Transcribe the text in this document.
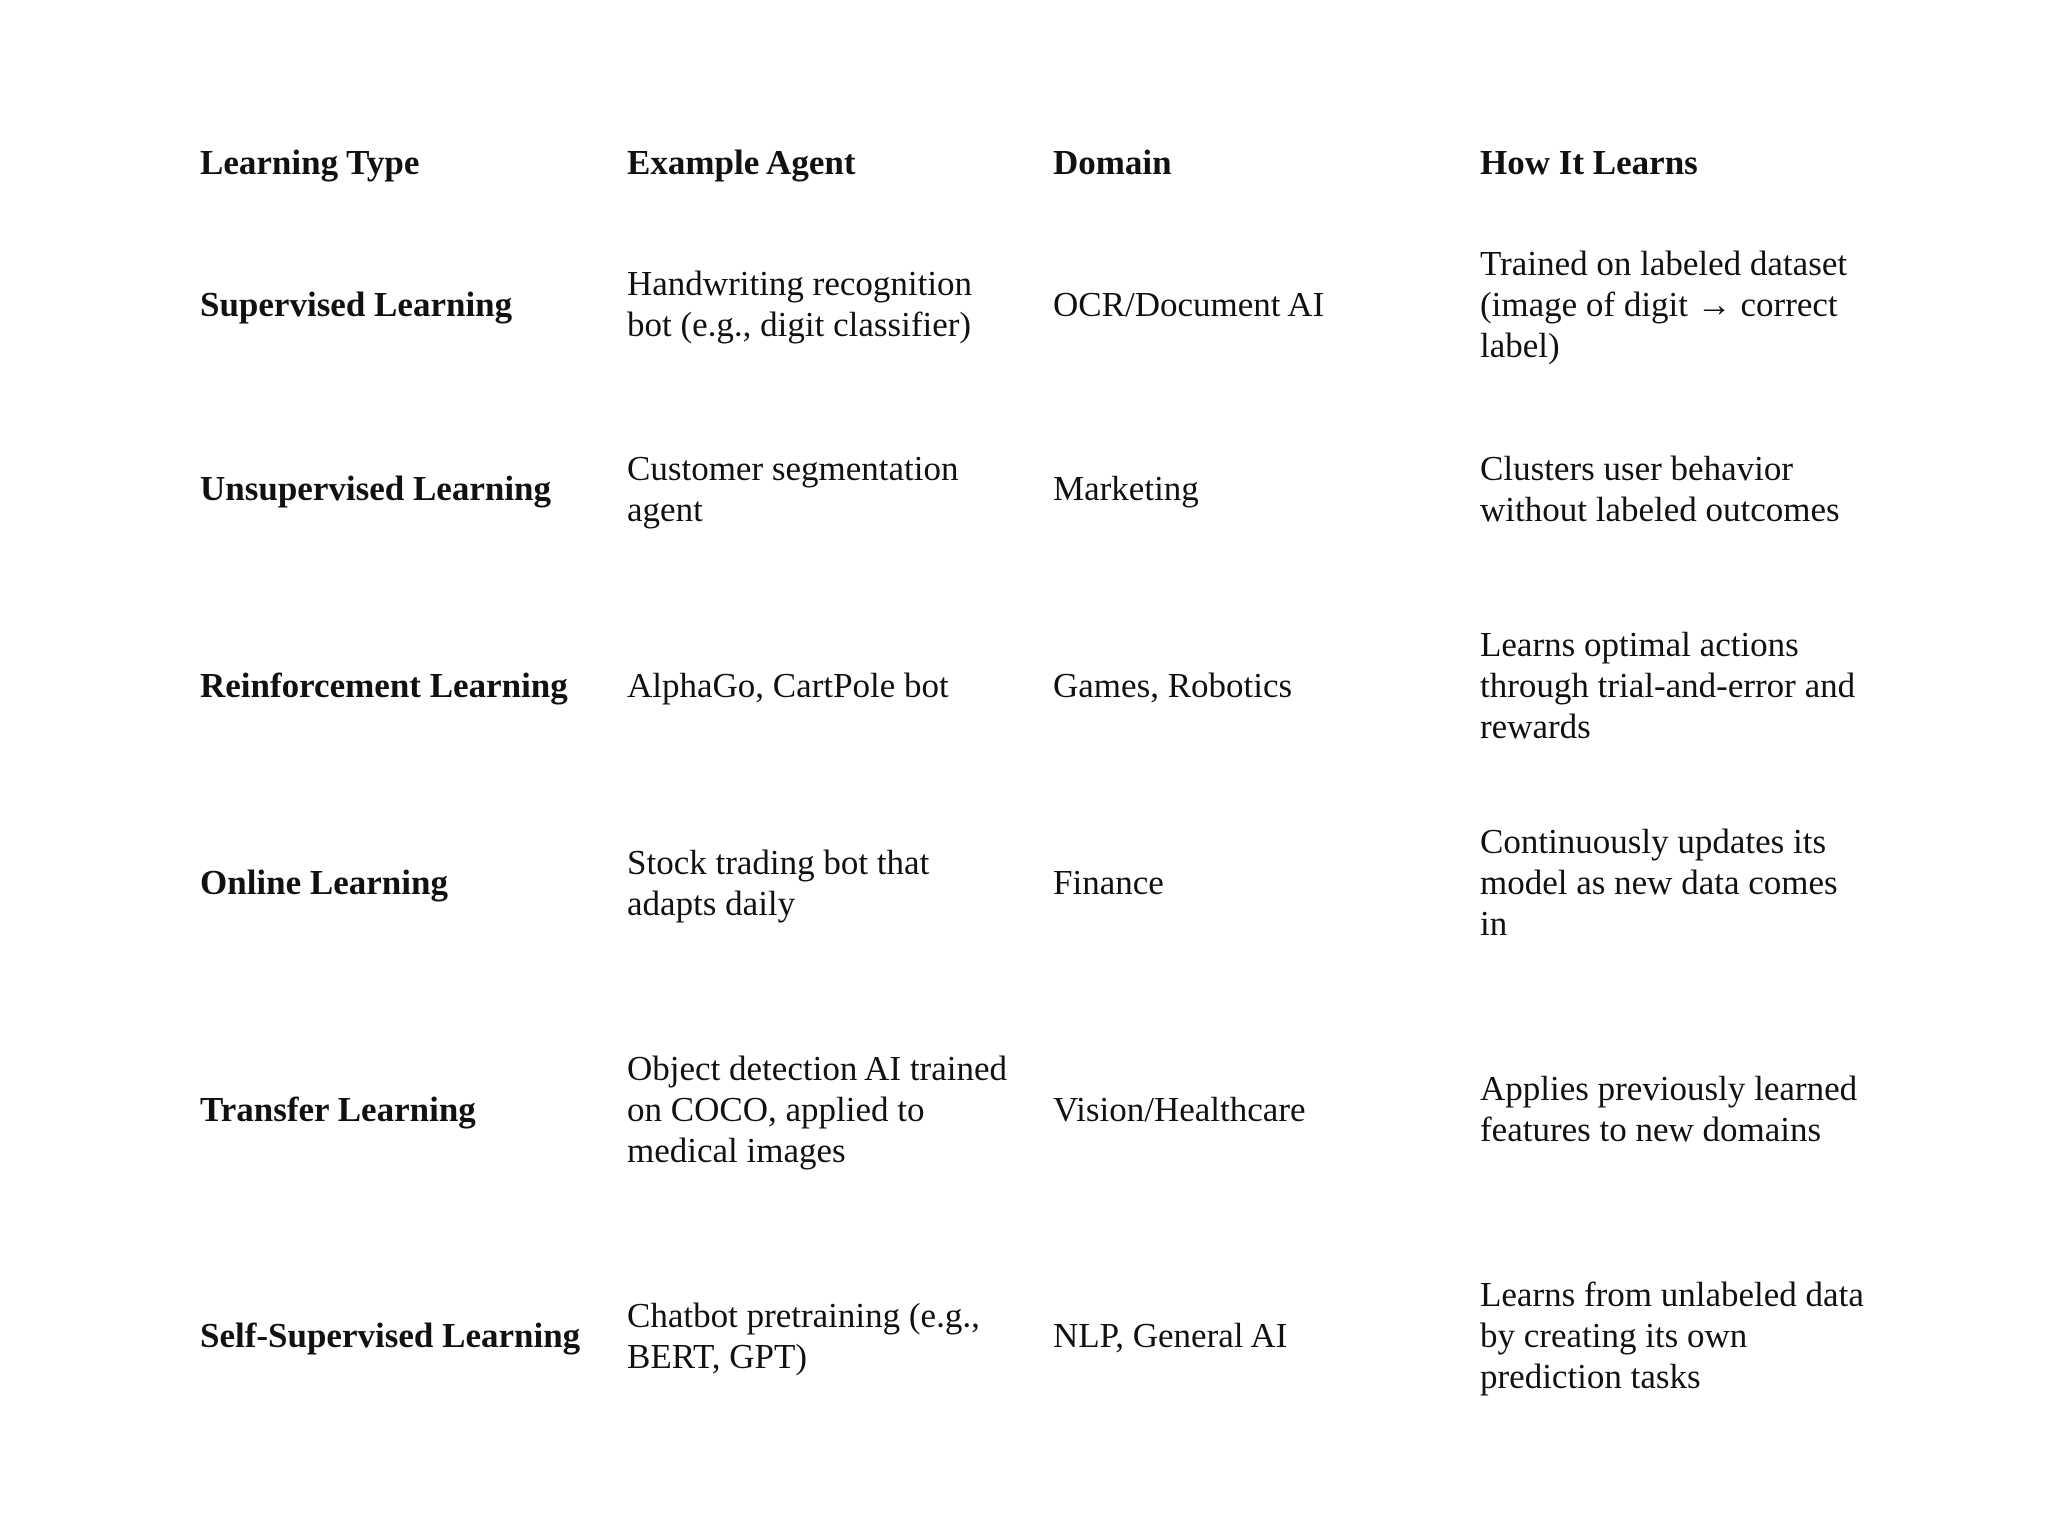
Learning Type	Example Agent	Domain	How It Learns
Supervised Learning	Handwriting recognition bot (e.g., digit classifier)	OCR/Document AI	Trained on labeled dataset (image of digit → correct label)
Unsupervised Learning	Customer segmentation agent	Marketing	Clusters user behavior without labeled outcomes
Reinforcement Learning	AlphaGo, CartPole bot	Games, Robotics	Learns optimal actions through trial-and-error and rewards
Online Learning	Stock trading bot that adapts daily	Finance	Continuously updates its model as new data comes in
Transfer Learning	Object detection AI trained on COCO, applied to medical images	Vision/Healthcare	Applies previously learned features to new domains
Self-Supervised Learning	Chatbot pretraining (e.g., BERT, GPT)	NLP, General AI	Learns from unlabeled data by creating its own prediction tasks
